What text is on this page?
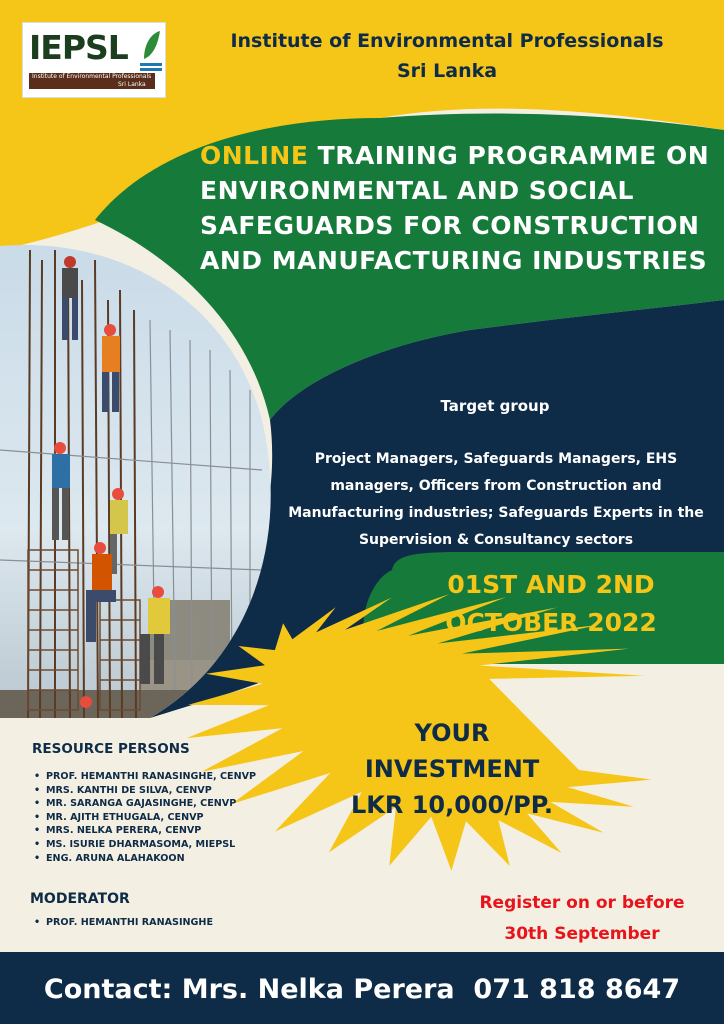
IEPSL
Institute of Environmental Professionals
Sri Lanka
Institute of Environmental Professionals
Sri Lanka
ONLINE TRAINING PROGRAMME ON ENVIRONMENTAL AND SOCIAL SAFEGUARDS FOR CONSTRUCTION AND MANUFACTURING INDUSTRIES
Target group
Project Managers, Safeguards Managers, EHS managers, Officers from Construction and Manufacturing industries; Safeguards Experts in the Supervision & Consultancy sectors
01ST AND 2ND
OCTOBER 2022
YOUR
INVESTMENT
LKR 10,000/PP.
RESOURCE PERSONS
• PROF. HEMANTHI RANASINGHE, CENVP
• MRS. KANTHI DE SILVA, CENVP
• MR. SARANGA GAJASINGHE, CENVP
• MR. AJITH ETHUGALA, CENVP
• MRS. NELKA PERERA, CENVP
• MS. ISURIE DHARMASOMA, MIEPSL
• ENG. ARUNA ALAHAKOON
MODERATOR
• PROF. HEMANTHI RANASINGHE
Register on or before
30th September
Contact: Mrs. Nelka Perera  071 818 8647
